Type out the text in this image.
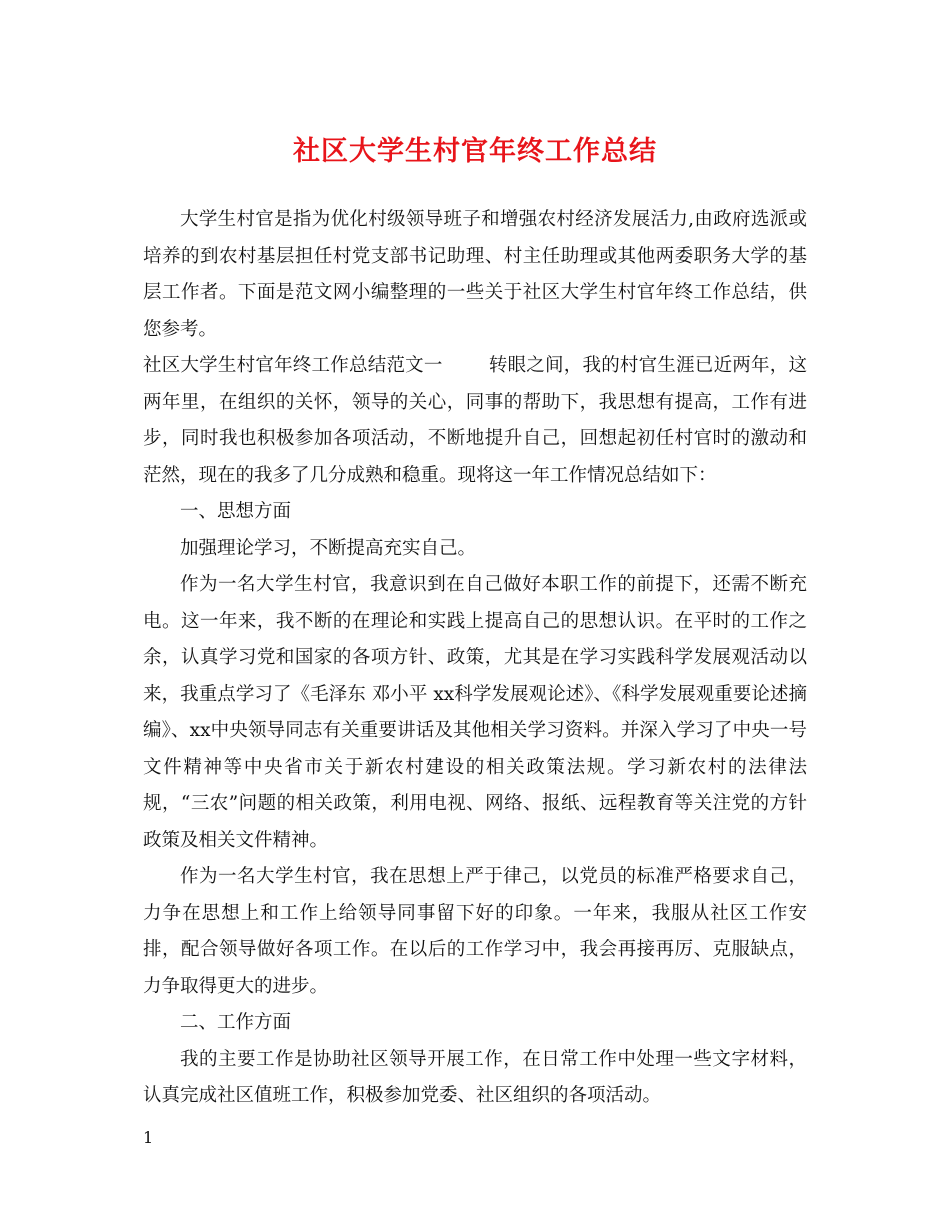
社区大学生村官年终工作总结

大学生村官是指为优化村级领导班子和增强农村经济发展活力,由政府选派或培养的到农村基层担任村党支部书记助理、村主任助理或其他两委职务大学的基层工作者。下面是范文网小编整理的一些关于社区大学生村官年终工作总结，供您参考。

社区大学生村官年终工作总结范文一 转眼之间，我的村官生涯已近两年，这两年里，在组织的关怀，领导的关心，同事的帮助下，我思想有提高，工作有进步，同时我也积极参加各项活动，不断地提升自己，回想起初任村官时的激动和茫然，现在的我多了几分成熟和稳重。现将这一年工作情况总结如下：

一、思想方面

加强理论学习，不断提高充实自己。

作为一名大学生村官，我意识到在自己做好本职工作的前提下，还需不断充电。这一年来，我不断的在理论和实践上提高自己的思想认识。在平时的工作之余，认真学习党和国家的各项方针、政策，尤其是在学习实践科学发展观活动以来，我重点学习了《毛泽东 邓小平 xx科学发展观论述》、《科学发展观重要论述摘编》、xx中央领导同志有关重要讲话及其他相关学习资料。并深入学习了中央一号文件精神等中央省市关于新农村建设的相关政策法规。学习新农村的法律法规，“三农”问题的相关政策，利用电视、网络、报纸、远程教育等关注党的方针政策及相关文件精神。

作为一名大学生村官，我在思想上严于律己，以党员的标准严格要求自己，力争在思想上和工作上给领导同事留下好的印象。一年来，我服从社区工作安排，配合领导做好各项工作。在以后的工作学习中，我会再接再厉、克服缺点，力争取得更大的进步。

二、工作方面

我的主要工作是协助社区领导开展工作，在日常工作中处理一些文字材料，认真完成社区值班工作，积极参加党委、社区组织的各项活动。

1
